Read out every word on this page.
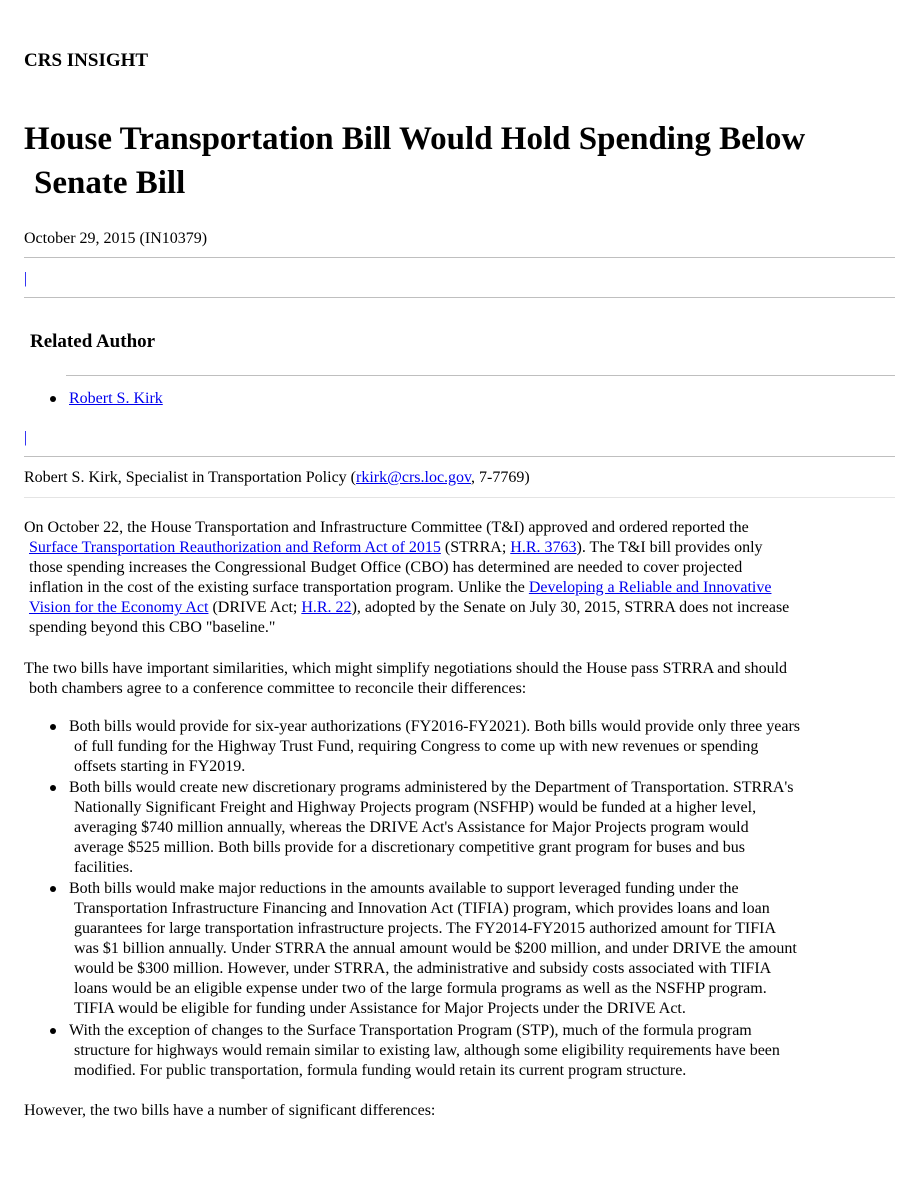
CRS INSIGHT
House Transportation Bill Would Hold Spending Below
Senate Bill
October 29, 2015 (IN10379)
|
Related Author
Robert S. Kirk
|
Robert S. Kirk, Specialist in Transportation Policy (rkirk@crs.loc.gov, 7-7769)
On October 22, the House Transportation and Infrastructure Committee (T&I) approved and ordered reported the
Surface Transportation Reauthorization and Reform Act of 2015 (STRRA; H.R. 3763). The T&I bill provides only
those spending increases the Congressional Budget Office (CBO) has determined are needed to cover projected
inflation in the cost of the existing surface transportation program. Unlike the Developing a Reliable and Innovative
Vision for the Economy Act (DRIVE Act; H.R. 22), adopted by the Senate on July 30, 2015, STRRA does not increase
spending beyond this CBO "baseline."
The two bills have important similarities, which might simplify negotiations should the House pass STRRA and should
both chambers agree to a conference committee to reconcile their differences:
Both bills would provide for six-year authorizations (FY2016-FY2021). Both bills would provide only three years
of full funding for the Highway Trust Fund, requiring Congress to come up with new revenues or spending
offsets starting in FY2019.
Both bills would create new discretionary programs administered by the Department of Transportation. STRRA's
Nationally Significant Freight and Highway Projects program (NSFHP) would be funded at a higher level,
averaging $740 million annually, whereas the DRIVE Act's Assistance for Major Projects program would
average $525 million. Both bills provide for a discretionary competitive grant program for buses and bus
facilities.
Both bills would make major reductions in the amounts available to support leveraged funding under the
Transportation Infrastructure Financing and Innovation Act (TIFIA) program, which provides loans and loan
guarantees for large transportation infrastructure projects. The FY2014-FY2015 authorized amount for TIFIA
was $1 billion annually. Under STRRA the annual amount would be $200 million, and under DRIVE the amount
would be $300 million. However, under STRRA, the administrative and subsidy costs associated with TIFIA
loans would be an eligible expense under two of the large formula programs as well as the NSFHP program.
TIFIA would be eligible for funding under Assistance for Major Projects under the DRIVE Act.
With the exception of changes to the Surface Transportation Program (STP), much of the formula program
structure for highways would remain similar to existing law, although some eligibility requirements have been
modified. For public transportation, formula funding would retain its current program structure.
However, the two bills have a number of significant differences:
